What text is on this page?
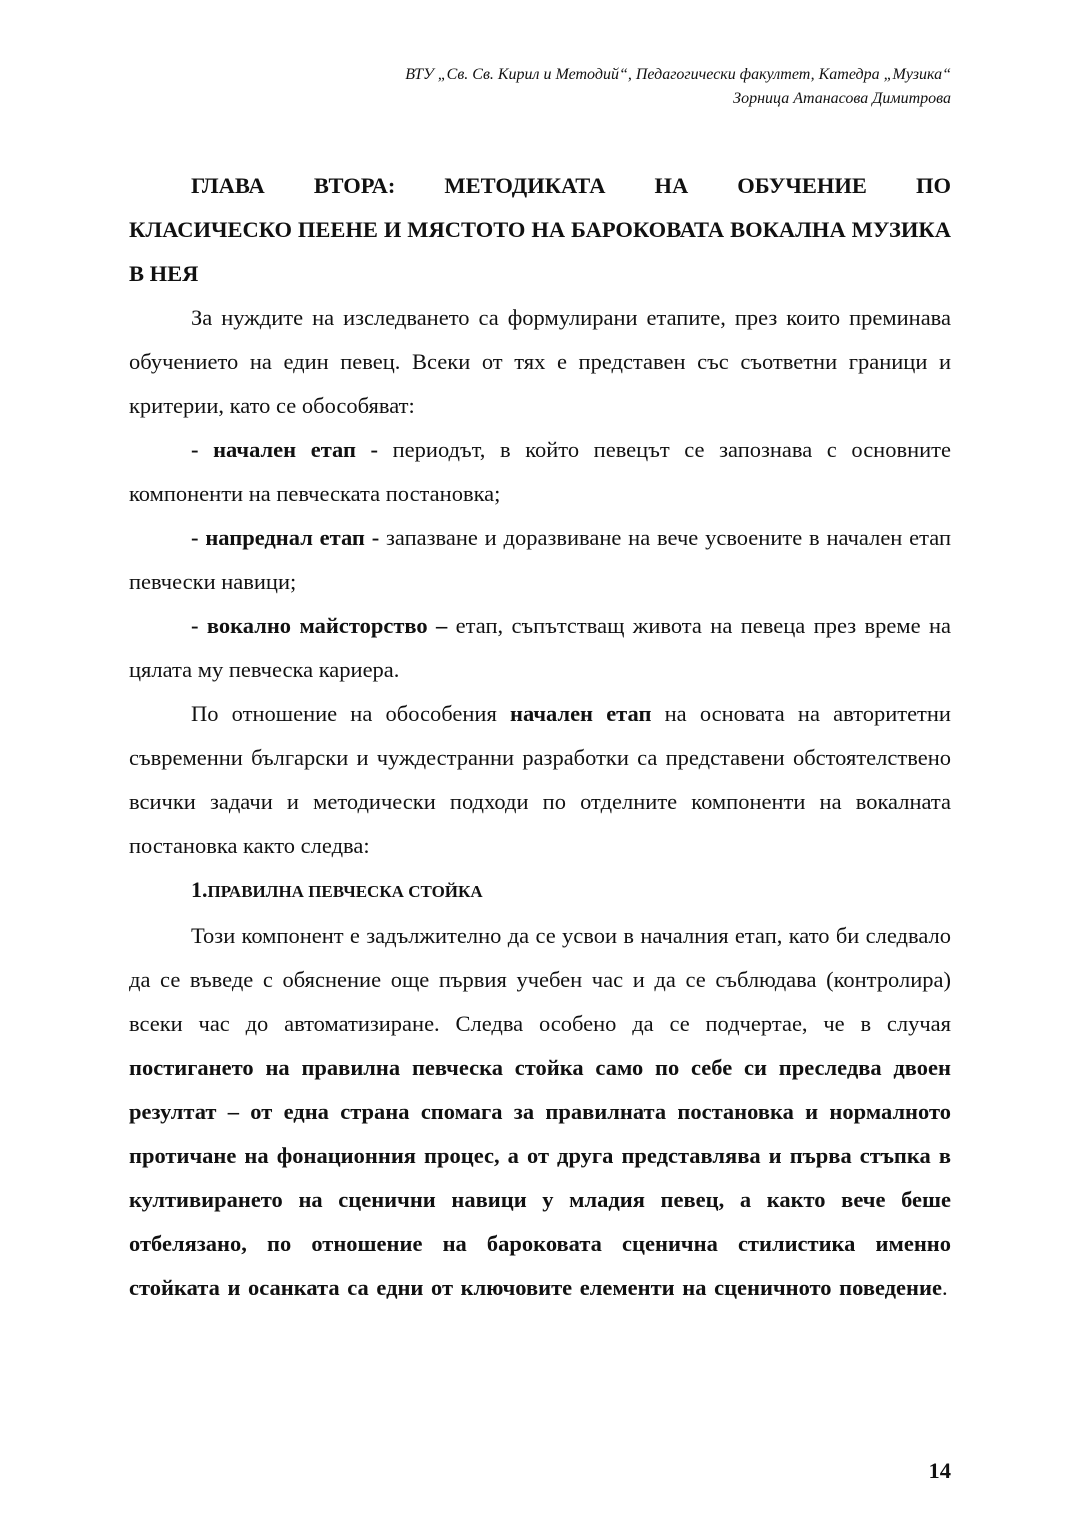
ВТУ „Св. Св. Кирил и Методий“, Педагогически факултет, Катедра „Музика“
Зорница Атанасова Димитрова
ГЛАВА ВТОРА: МЕТОДИКАТА НА ОБУЧЕНИЕ ПО
КЛАСИЧЕСКО ПЕЕНЕ И МЯСТОТО НА БАРОКОВАТА ВОКАЛНА МУЗИКА В НЕЯ

За нуждите на изследването са формулирани етапите, през които преминава обучението на един певец. Всеки от тях е представен със съответни граници и критерии, като се обособяват:

- начален етап - периодът, в който певецът се запознава с основните компоненти на певческата постановка;

- напреднал етап - запазване и доразвиване на вече усвоените в начален етап певчески навици;

- вокално майсторство – етап, съпътстващ живота на певеца през време на цялата му певческа кариера.

По отношение на обособения начален етап на основата на авторитетни съвременни български и чуждестранни разработки са представени обстоятелствено всички задачи и методически подходи по отделните компоненти на вокалната постановка както следва:

1.ПРАВИЛНА ПЕВЧЕСКА СТОЙКА

Този компонент е задължително да се усвои в началния етап, като би следвало да се въведе с обяснение още първия учебен час и да се съблюдава (контролира) всеки час до автоматизиране. Следва особено да се подчертае, че в случая постигането на правилна певческа стойка само по себе си преследва двоен резултат – от една страна спомага за правилната постановка и нормалното протичане на фонационния процес, а от друга представлява и първа стъпка в култивирането на сценични навици у младия певец, а както вече беше отбелязано, по отношение на бароковата сценична стилистика именно стойката и осанката са едни от ключовите елементи на сценичното поведение.

14
